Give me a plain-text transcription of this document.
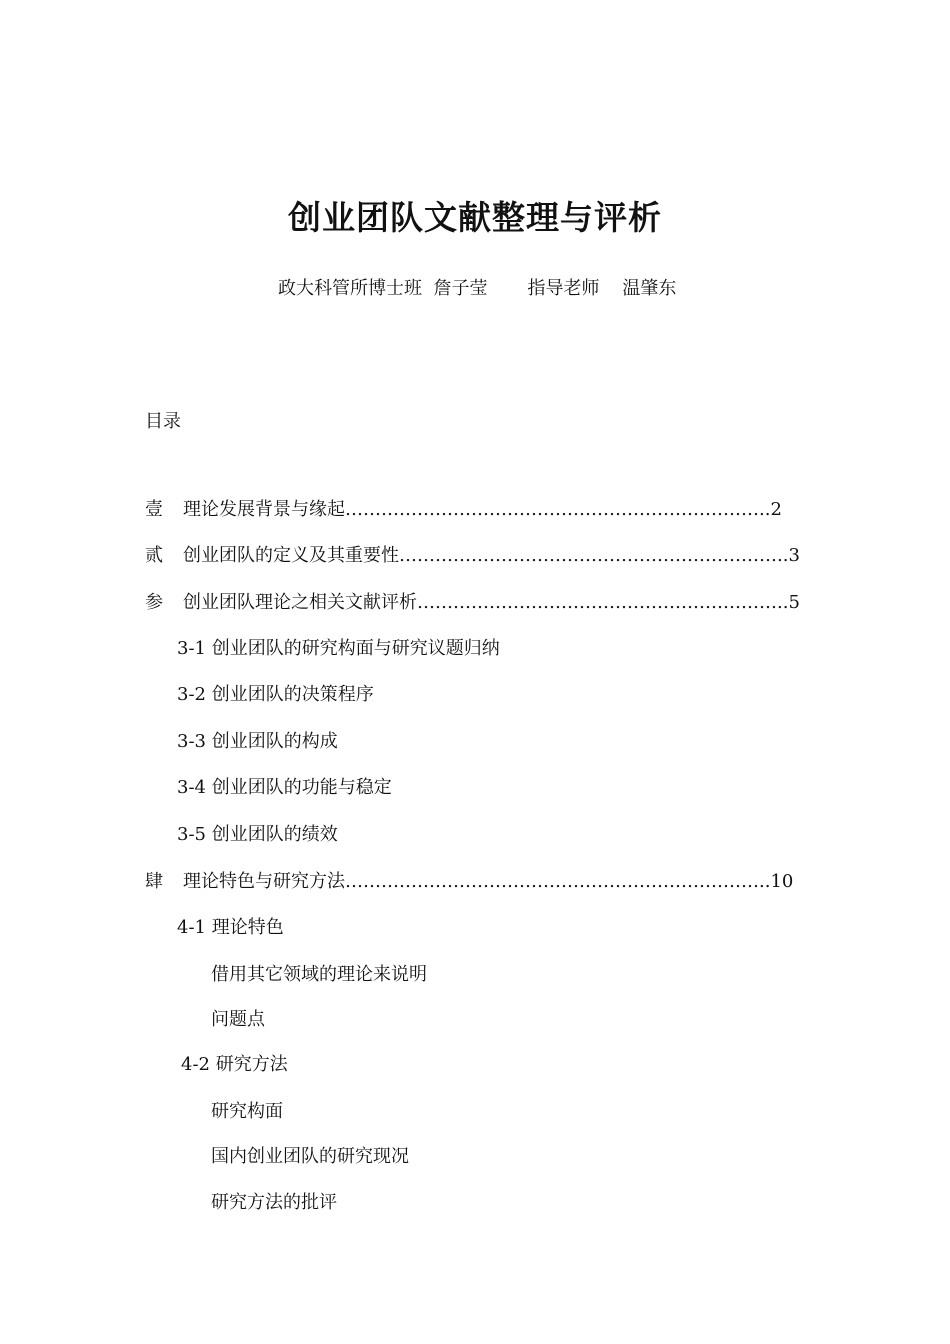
创业团队文献整理与评析
政大科管所博士班  詹子莹       指导老师    温肇东
目录
壹 理论发展背景与缘起……………………………………………………………..2
贰 创业团队的定义及其重要性………………………………………………………..3
参 创业团队理论之相关文献评析……………………………………………………..5
3-1 创业团队的研究构面与研究议题归纳
3-2 创业团队的决策程序
3-3 创业团队的构成
3-4 创业团队的功能与稳定
3-5 创业团队的绩效
肆 理论特色与研究方法……………………………………………………………..10
4-1 理论特色
借用其它领域的理论来说明
问题点
4-2 研究方法
研究构面
国内创业团队的研究现况
研究方法的批评
